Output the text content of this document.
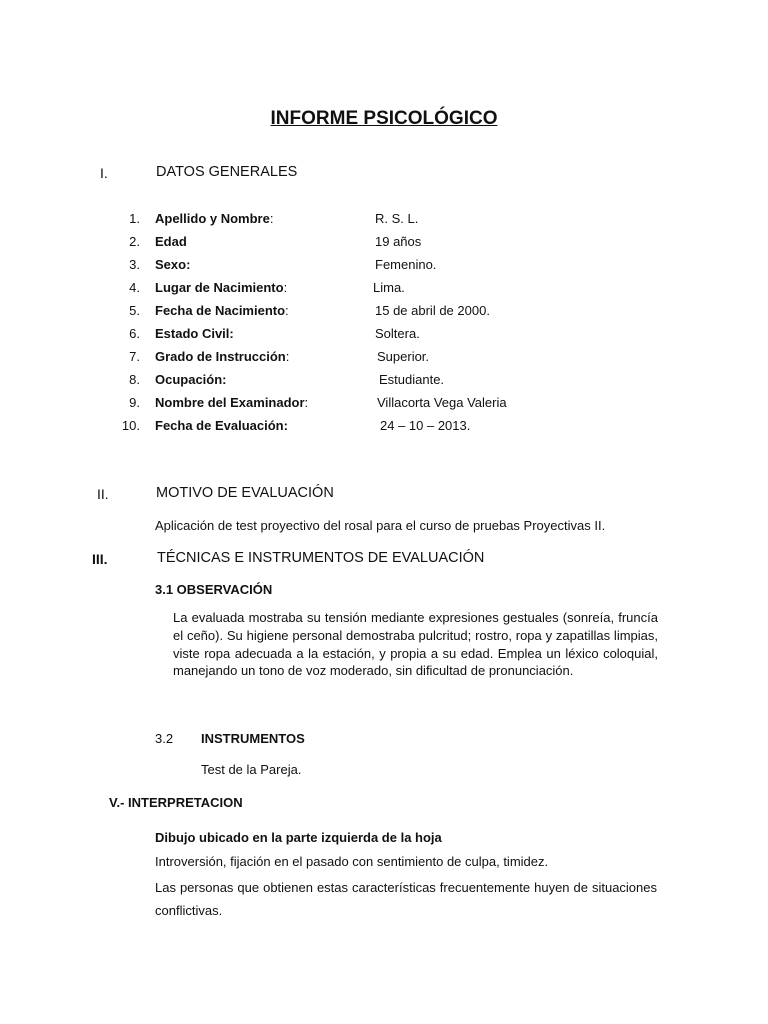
INFORME PSICOLÓGICO
I.	DATOS GENERALES
1. Apellido y Nombre:	R. S. L.
2. Edad	19 años
3. Sexo:	Femenino.
4. Lugar de Nacimiento:	Lima.
5. Fecha de Nacimiento:	15 de abril de 2000.
6. Estado Civil:	Soltera.
7. Grado de Instrucción:	Superior.
8. Ocupación:	Estudiante.
9. Nombre del Examinador:	Villacorta Vega Valeria
10. Fecha de Evaluación:	24 – 10 – 2013.
II.	MOTIVO DE EVALUACIÓN
Aplicación de test proyectivo del rosal para el curso de pruebas Proyectivas II.
III.	TÉCNICAS E INSTRUMENTOS DE EVALUACIÓN
3.1 OBSERVACIÓN
La evaluada mostraba su tensión mediante expresiones gestuales (sonreía, fruncía el ceño). Su higiene personal demostraba pulcritud; rostro, ropa y zapatillas limpias, viste ropa adecuada a la estación, y propia a su edad. Emplea un léxico coloquial, manejando un tono de voz moderado, sin dificultad de pronunciación.
3.2 INSTRUMENTOS
Test de la Pareja.
V.- INTERPRETACION
Dibujo ubicado en la parte izquierda de la hoja
Introversión, fijación en el pasado con sentimiento de culpa, timidez.
Las personas que obtienen estas características frecuentemente huyen de situaciones conflictivas.
